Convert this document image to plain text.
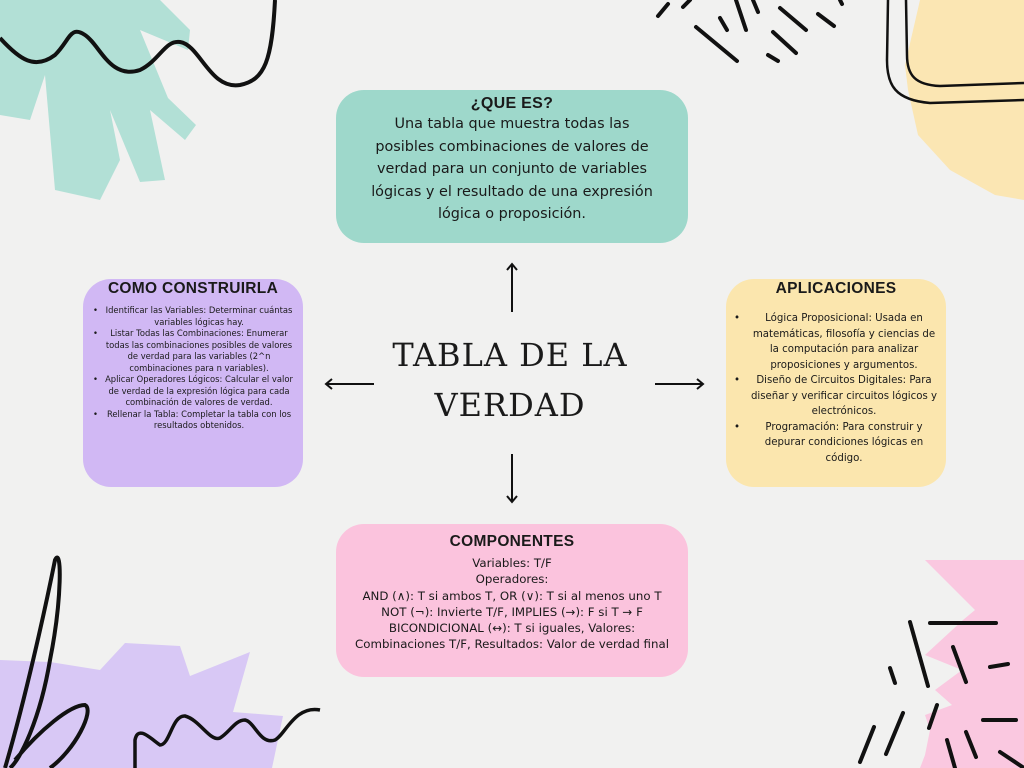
TABLA DE LA VERDAD
¿QUE ES?

Una tabla que muestra todas las posibles combinaciones de valores de verdad para un conjunto de variables lógicas y el resultado de una expresión lógica o proposición.

COMO CONSTRUIRLA
• Identificar las Variables: Determinar cuántas variables lógicas hay.
• Listar Todas las Combinaciones: Enumerar todas las combinaciones posibles de valores de verdad para las variables (2^n combinaciones para n variables).
• Aplicar Operadores Lógicos: Calcular el valor de verdad de la expresión lógica para cada combinación de valores de verdad.
• Rellenar la Tabla: Completar la tabla con los resultados obtenidos.
APLICACIONES
• Lógica Proposicional: Usada en matemáticas, filosofía y ciencias de la computación para analizar proposiciones y argumentos.
• Diseño de Circuitos Digitales: Para diseñar y verificar circuitos lógicos y electrónicos.
• Programación: Para construir y depurar condiciones lógicas en código.
COMPONENTES

Variables: T/F

Operadores:

AND (∧): T si ambos T, OR (∨): T si al menos uno T

NOT (¬): Invierte T/F, IMPLIES (→): F si T → F

BICONDICIONAL (↔): T si iguales, Valores:

Combinaciones T/F, Resultados: Valor de verdad final
